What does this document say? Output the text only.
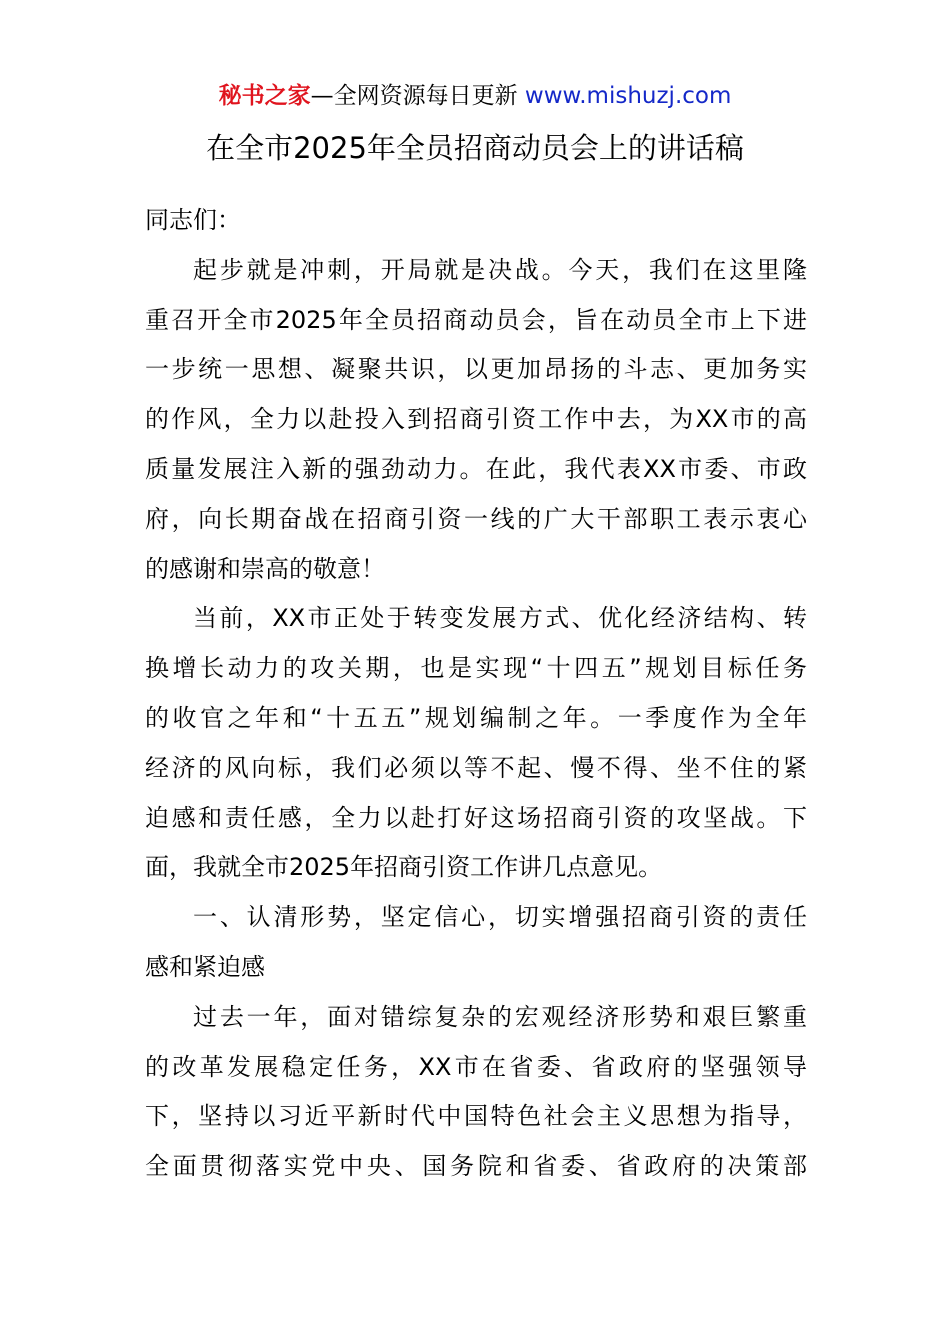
秘书之家—全网资源每日更新 www.mishuzj.com
在全市2025年全员招商动员会上的讲话稿
同志们：
起步就是冲刺，开局就是决战。今天，我们在这里隆
重召开全市2025年全员招商动员会，旨在动员全市上下进
一步统一思想、凝聚共识，以更加昂扬的斗志、更加务实
的作风，全力以赴投入到招商引资工作中去，为XX市的高
质量发展注入新的强劲动力。在此，我代表XX市委、市政
府，向长期奋战在招商引资一线的广大干部职工表示衷心
的感谢和崇高的敬意！
当前，XX市正处于转变发展方式、优化经济结构、转
换增长动力的攻关期，也是实现“十四五”规划目标任务
的收官之年和“十五五”规划编制之年。一季度作为全年
经济的风向标，我们必须以等不起、慢不得、坐不住的紧
迫感和责任感，全力以赴打好这场招商引资的攻坚战。下
面，我就全市2025年招商引资工作讲几点意见。
一、认清形势，坚定信心，切实增强招商引资的责任
感和紧迫感
过去一年，面对错综复杂的宏观经济形势和艰巨繁重
的改革发展稳定任务，XX市在省委、省政府的坚强领导
下，坚持以习近平新时代中国特色社会主义思想为指导，
全面贯彻落实党中央、国务院和省委、省政府的决策部
